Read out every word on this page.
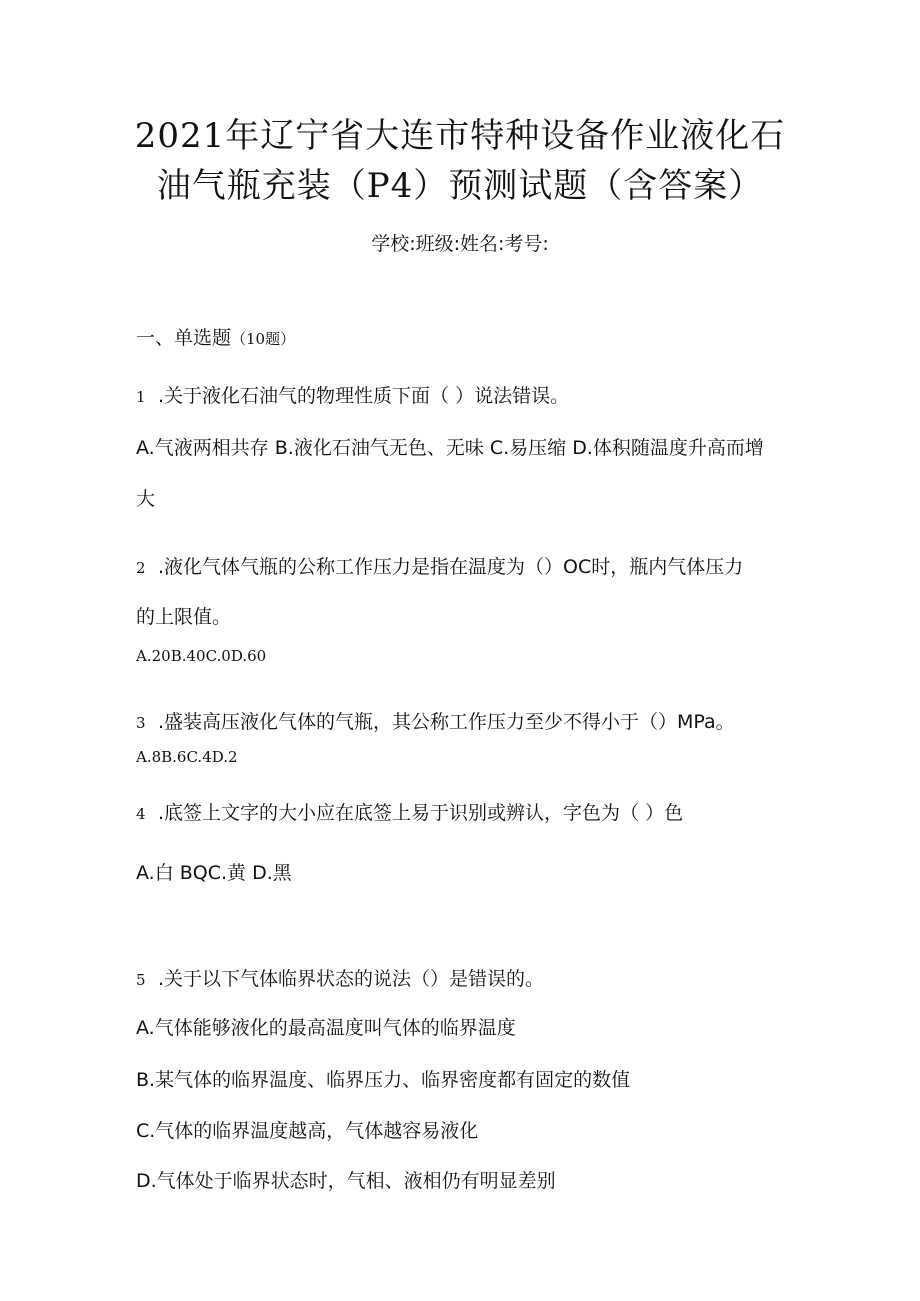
2021年辽宁省大连市特种设备作业液化石
油气瓶充装（P4）预测试题（含答案）
学校:班级:姓名:考号:
一、单选题（10题）
1 .关于液化石油气的物理性质下面（ ）说法错误。
A.气液两相共存 B.液化石油气无色、无味 C.易压缩 D.体积随温度升高而增
大
2 .液化气体气瓶的公称工作压力是指在温度为（）OC时，瓶内气体压力
的上限值。
A.20B.40C.0D.60
3 .盛装高压液化气体的气瓶，其公称工作压力至少不得小于（）MPa。
A.8B.6C.4D.2
4 .底签上文字的大小应在底签上易于识别或辨认，字色为（ ）色
A.白 BQC.黄 D.黑
5 .关于以下气体临界状态的说法（）是错误的。
A.气体能够液化的最高温度叫气体的临界温度
B.某气体的临界温度、临界压力、临界密度都有固定的数值
C.气体的临界温度越高，气体越容易液化
D.气体处于临界状态时，气相、液相仍有明显差别
